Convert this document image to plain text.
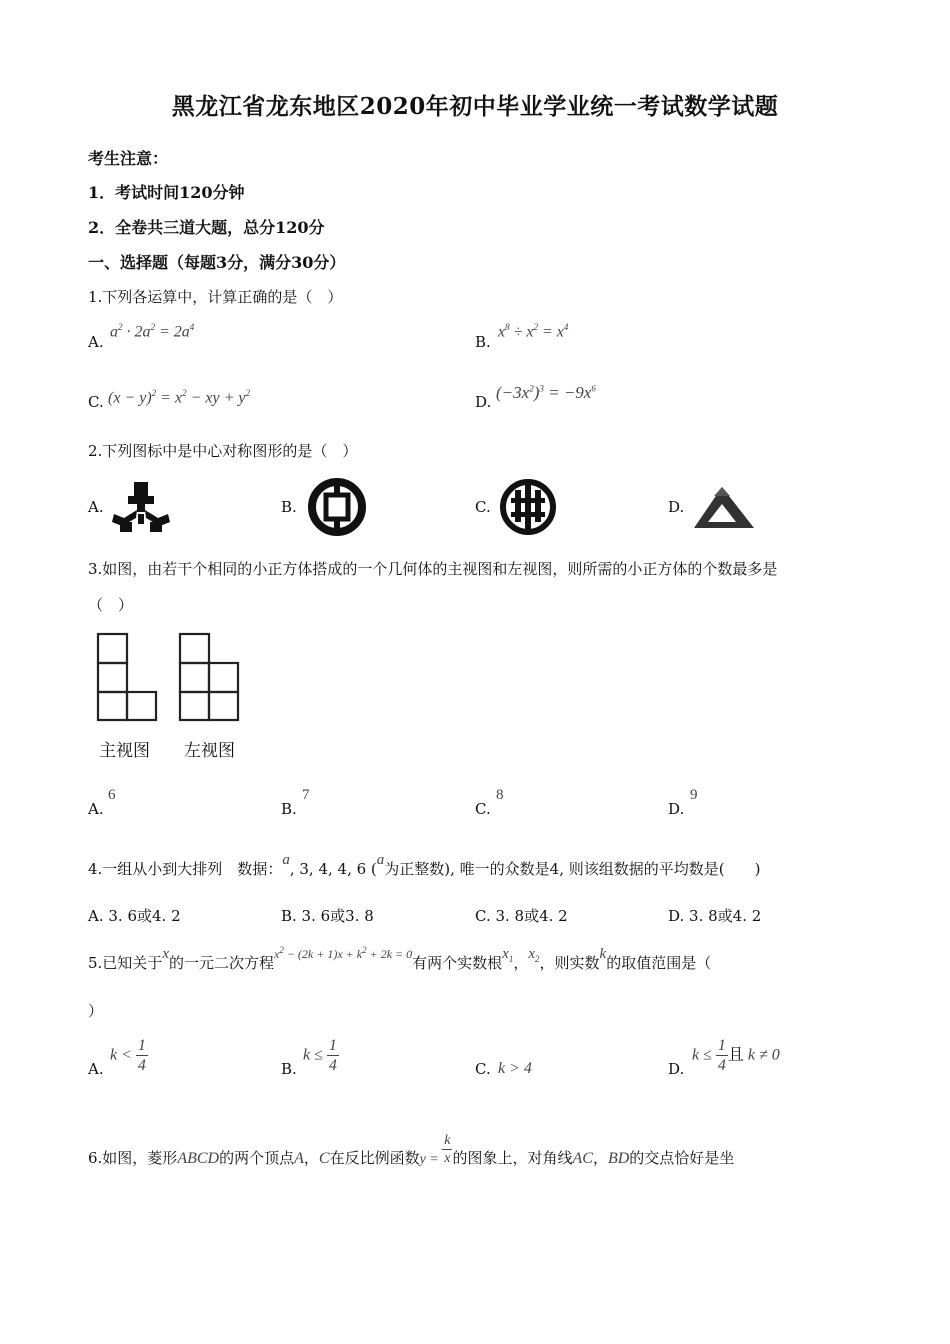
黑龙江省龙东地区2020年初中毕业学业统一考试数学试题
考生注意：
1．考试时间120分钟
2．全卷共三道大题，总分120分
一、选择题（每题3分，满分30分）
1.下列各运算中，计算正确的是（　）
A.
$a^2 \cdot 2a^2 = 2a^4$
B.
$x^8 \div x^2 = x^4$
C. $(x - y)^2 = x^2$ − xy + $y^2$	D. $(-3x^2)^3 = -9x^6$
2.下列图标中是中心对称图形的是（　）
A.	B.	C.	D.
3.如图，由若干个相同的小正方体搭成的一个几何体的主视图和左视图，则所需的小正方体的个数最多是
（　）
主视图 左视图
A.
6
B.
7
C.
8
D.
9
4.一组从小到大排列　数据：a, 3, 4, 4, 6 (a为正整数), 唯一的众数是4, 则该组数据的平均数是(　　)
A. 3. 6或4. 2	B. 3. 6或3. 8	C. 3. 8或4. 2	D. 3. 8或4. 2
5.已知关于x的一元二次方程$^{x^2 - (2k + 1)x + k^2 + 2k = 0}$有两个实数根$x_1$，$x_2$，则实数k的取值范围是（
）
A.
$k < \frac{1}{4}$	B.
$k \le \frac{1}{4}$	C. k > 4	D.
$k \le \frac{1}{4}$ 且 k ≠ 0
6.如图，菱形ABCD的两个顶点A，C在反比例函数$y = \frac{k}{x}$ 的图象上，对角线AC，BD的交点恰好是坐
